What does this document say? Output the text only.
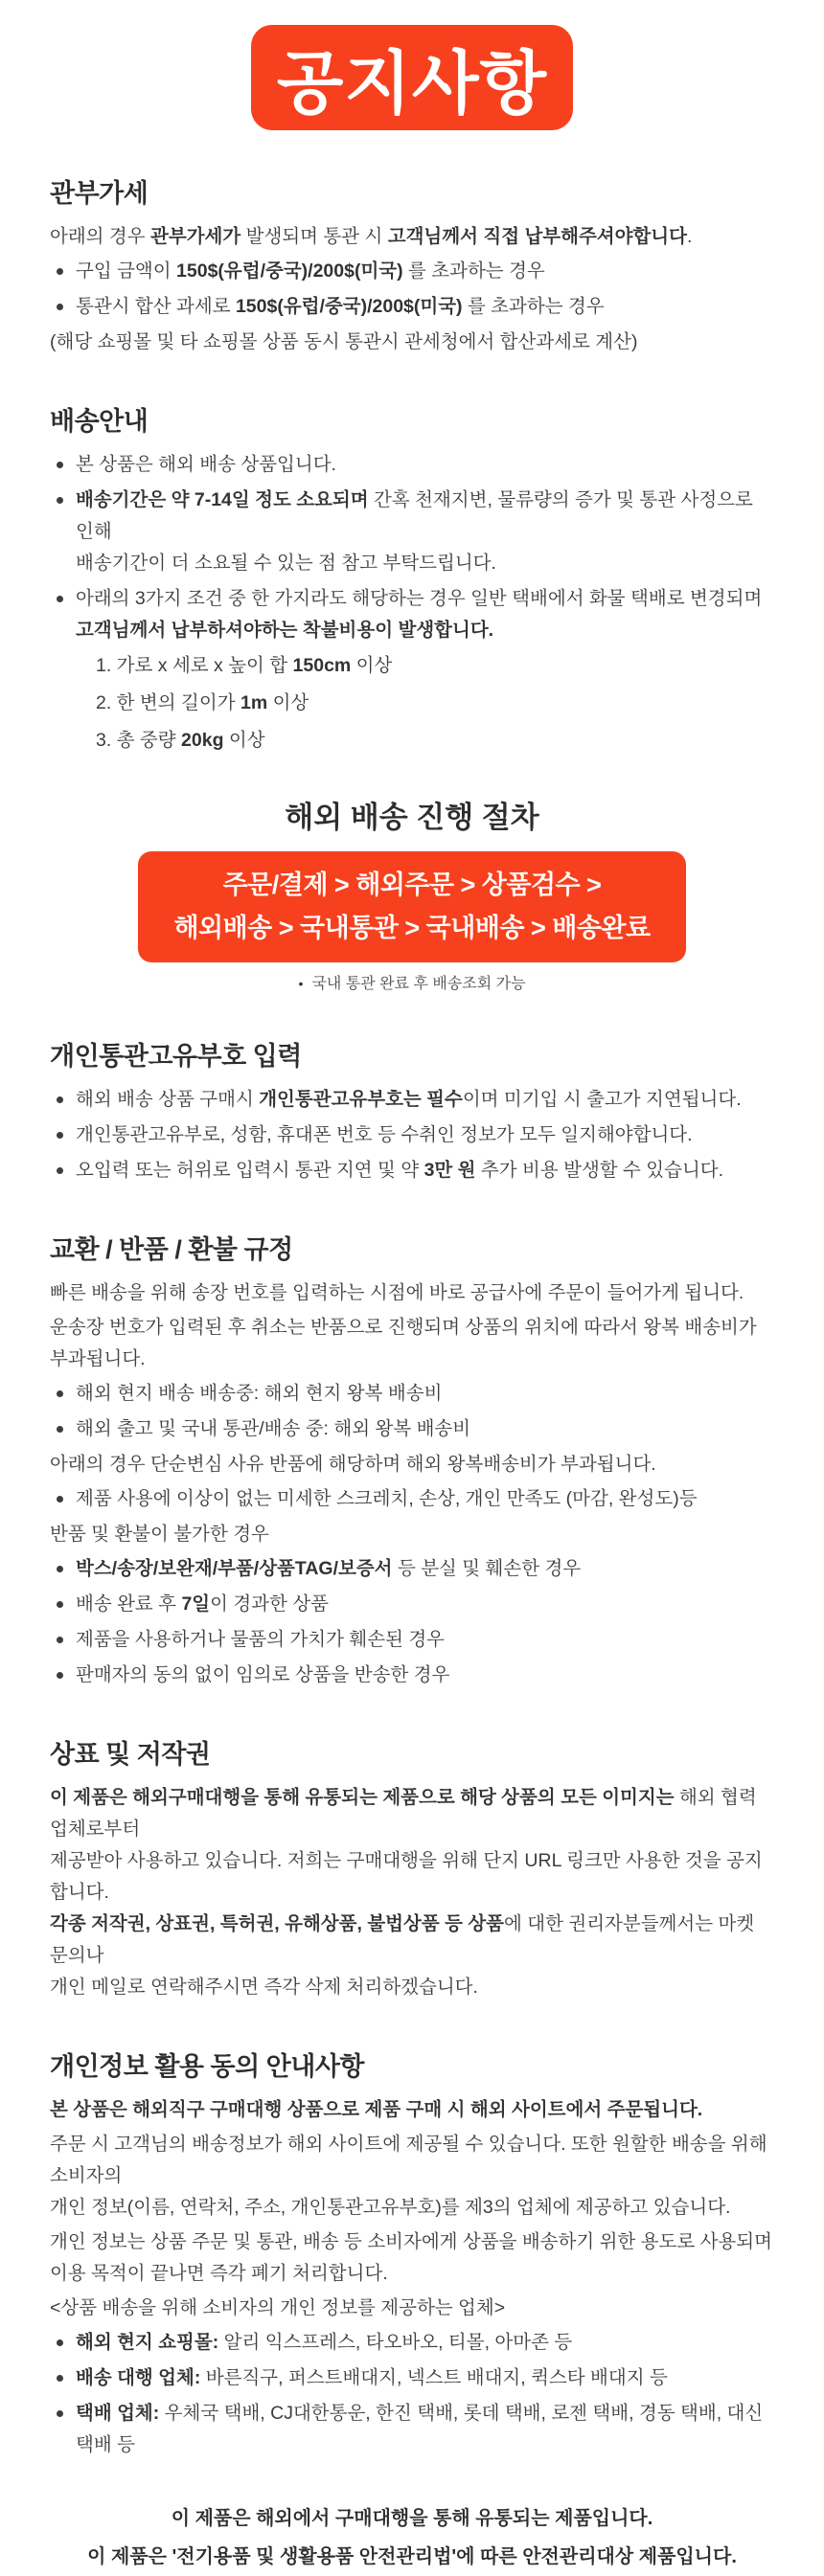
공지사항
관부가세

아래의 경우 관부가세가 발생되며 통관 시 고객님께서 직접 납부해주셔야합니다.

구입 금액이 150$(유럽/중국)/200$(미국) 를 초과하는 경우
통관시 합산 과세로 150$(유럽/중국)/200$(미국) 를 초과하는 경우

(해당 쇼핑몰 및 타 쇼핑몰 상품 동시 통관시 관세청에서 합산과세로 계산)

배송안내
본 상품은 해외 배송 상품입니다.
배송기간은 약 7-14일 정도 소요되며 간혹 천재지변, 물류량의 증가 및 통관 사정으로 인해
배송기간이 더 소요될 수 있는 점 참고 부탁드립니다.
아래의 3가지 조건 중 한 가지라도 해당하는 경우 일반 택배에서 화물 택배로 변경되며
고객님께서 납부하셔야하는 착불비용이 발생합니다.

1. 가로 x 세로 x 높이 합 150cm 이상

2. 한 변의 길이가 1m 이상

3. 총 중량 20kg 이상

해외 배송 진행 절차
주문/결제 > 해외주문 > 상품검수 >
해외배송 > 국내통관 > 국내배송 > 배송완료

• 국내 통관 완료 후 배송조회 가능

개인통관고유부호 입력
해외 배송 상품 구매시 개인통관고유부호는 필수이며 미기입 시 출고가 지연됩니다.
개인통관고유부로, 성함, 휴대폰 번호 등 수취인 정보가 모두 일지해야합니다.
오입력 또는 허위로 입력시 통관 지연 및 약 3만 원 추가 비용 발생할 수 있습니다.
교환 / 반품 / 환불 규정

빠른 배송을 위해 송장 번호를 입력하는 시점에 바로 공급사에 주문이 들어가게 됩니다.

운송장 번호가 입력된 후 취소는 반품으로 진행되며 상품의 위치에 따라서 왕복 배송비가 부과됩니다.

해외 현지 배송 배송중: 해외 현지 왕복 배송비
해외 출고 및 국내 통관/배송 중: 해외 왕복 배송비

아래의 경우 단순변심 사유 반품에 해당하며 해외 왕복배송비가 부과됩니다.

제품 사용에 이상이 없는 미세한 스크레치, 손상, 개인 만족도 (마감, 완성도)등

반품 및 환불이 불가한 경우

박스/송장/보완재/부품/상품TAG/보증서 등 분실 및 훼손한 경우
배송 완료 후 7일이 경과한 상품
제품을 사용하거나 물품의 가치가 훼손된 경우
판매자의 동의 없이 임의로 상품을 반송한 경우
상표 및 저작권

이 제품은 해외구매대행을 통해 유통되는 제품으로 해당 상품의 모든 이미지는 해외 협력 업체로부터
제공받아 사용하고 있습니다. 저희는 구매대행을 위해 단지 URL 링크만 사용한 것을 공지합니다.
각종 저작권, 상표권, 특허권, 유해상품, 불법상품 등 상품에 대한 권리자분들께서는 마켓 문의나
개인 메일로 연락해주시면 즉각 삭제 처리하겠습니다.

개인정보 활용 동의 안내사항

본 상품은 해외직구 구매대행 상품으로 제품 구매 시 해외 사이트에서 주문됩니다.

주문 시 고객님의 배송정보가 해외 사이트에 제공될 수 있습니다. 또한 원할한 배송을 위해 소비자의
개인 정보(이름, 연락처, 주소, 개인통관고유부호)를 제3의 업체에 제공하고 있습니다.

개인 정보는 상품 주문 및 통관, 배송 등 소비자에게 상품을 배송하기 위한 용도로 사용되며
이용 목적이 끝나면 즉각 폐기 처리합니다.

<상품 배송을 위해 소비자의 개인 정보를 제공하는 업체>

해외 현지 쇼핑몰: 알리 익스프레스, 타오바오, 티몰, 아마존 등
배송 대행 업체: 바른직구, 퍼스트배대지, 넥스트 배대지, 퀵스타 배대지 등
택배 업체: 우체국 택배, CJ대한통운, 한진 택배, 롯데 택배, 로젠 택배, 경동 택배, 대신 택배 등

이 제품은 해외에서 구매대행을 통해 유통되는 제품입니다.

이 제품은 '전기용품 및 생활용품 안전관리법'에 따른 안전관리대상 제품입니다.
